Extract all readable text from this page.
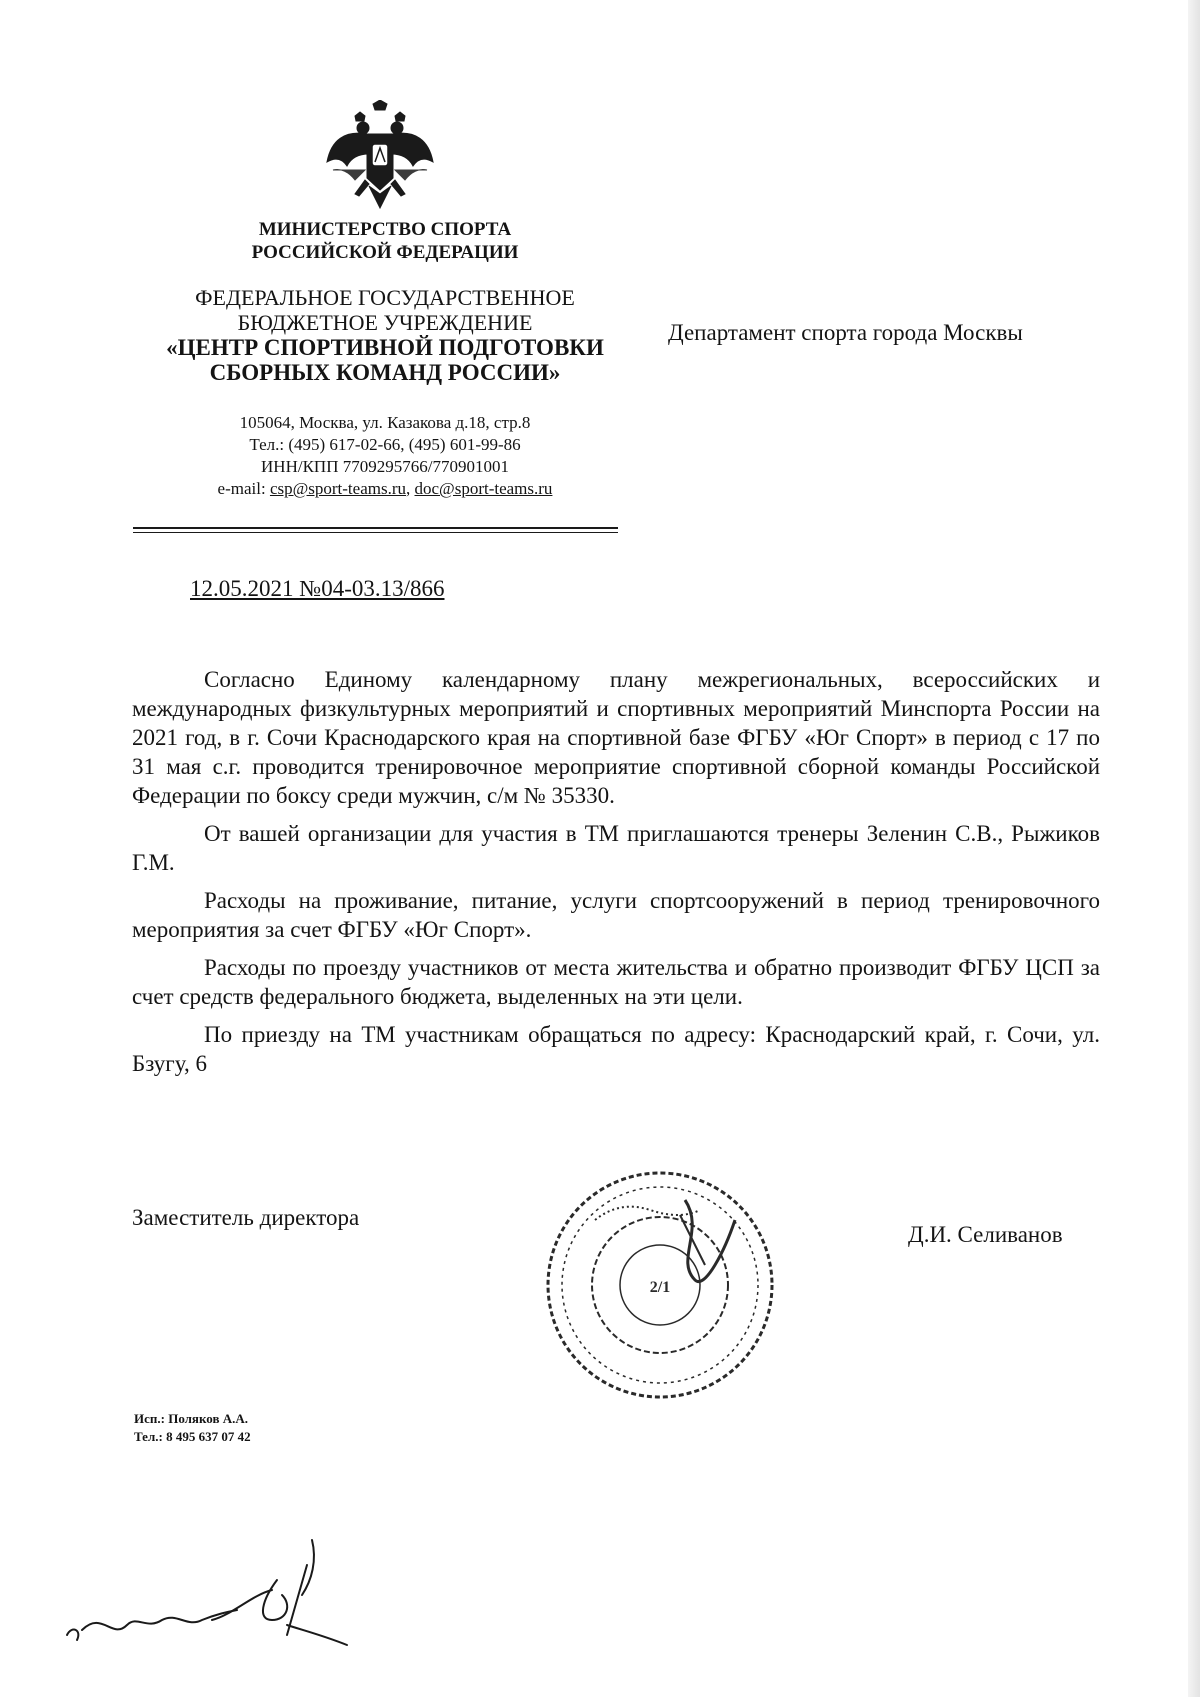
МИНИСТЕРСТВО СПОРТА
РОССИЙСКОЙ ФЕДЕРАЦИИ
ФЕДЕРАЛЬНОЕ ГОСУДАРСТВЕННОЕ
БЮДЖЕТНОЕ УЧРЕЖДЕНИЕ
«ЦЕНТР СПОРТИВНОЙ ПОДГОТОВКИ
СБОРНЫХ КОМАНД РОССИИ»
105064, Москва, ул. Казакова д.18, стр.8
Тел.: (495) 617-02-66, (495) 601-99-86
ИНН/КПП 7709295766/770901001
e-mail: csp@sport-teams.ru, doc@sport-teams.ru
Департамент спорта города Москвы
12.05.2021 №04-03.13/866

Согласно Единому календарному плану межрегиональных, всероссийских и международных физкультурных мероприятий и спортивных мероприятий Минспорта России на 2021 год, в г. Сочи Краснодарского края на спортивной базе ФГБУ «Юг Спорт» в период с 17 по 31 мая с.г. проводится тренировочное мероприятие спортивной сборной команды Российской Федерации по боксу среди мужчин, с/м № 35330.

От вашей организации для участия в ТМ приглашаются тренеры Зеленин С.В., Рыжиков Г.М.

Расходы на проживание, питание, услуги спортсооружений в период тренировочного мероприятия за счет ФГБУ «Юг Спорт».

Расходы по проезду участников от места жительства и обратно производит ФГБУ ЦСП за счет средств федерального бюджета, выделенных на эти цели.

По приезду на ТМ участникам обращаться по адресу: Краснодарский край, г. Сочи, ул. Бзугу, 6

Заместитель директора
2/1
Д.И. Селиванов
Исп.: Поляков А.А.
Тел.: 8 495 637 07 42
